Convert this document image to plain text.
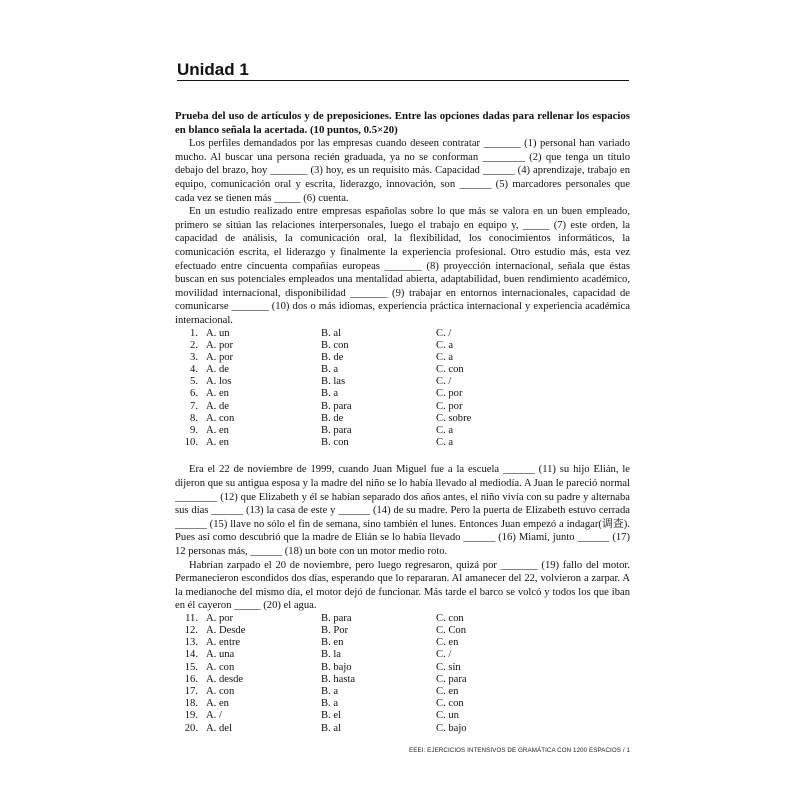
Unidad 1
Prueba del uso de artículos y de preposiciones. Entre las opciones dadas para rellenar los espacios en blanco señala la acertada. (10 puntos, 0.5×20)
Los perfiles demandados por las empresas cuando deseen contratar _______ (1) personal han variado mucho. Al buscar una persona recién graduada, ya no se conforman ________ (2) que tenga un título debajo del brazo, hoy _______ (3) hoy, es un requisito más. Capacidad ______ (4) aprendizaje, trabajo en equipo, comunicación oral y escrita, liderazgo, innovación, son ______ (5) marcadores personales que cada vez se tienen más _____ (6) cuenta.
En un estudio realizado entre empresas españolas sobre lo que más se valora en un buen empleado, primero se sitúan las relaciones interpersonales, luego el trabajo en equipo y, _____ (7) este orden, la capacidad de análisis, la comunicación oral, la flexibilidad, los conocimientos informáticos, la comunicación escrita, el liderazgo y finalmente la experiencia profesional. Otro estudio más, esta vez efectuado entre cincuenta compañías europeas _______ (8) proyección internacional, señala que éstas buscan en sus potenciales empleados una mentalidad abierta, adaptabilidad, buen rendimiento académico, movilidad internacional, disponibilidad _______ (9) trabajar en entornos internacionales, capacidad de comunicarse _______ (10) dos o más idiomas, experiencia práctica internacional y experiencia académica internacional.
1. A. un	B. al	C. /
2. A. por	B. con	C. a
3. A. por	B. de	C. a
4. A. de	B. a	C. con
5. A. los	B. las	C. /
6. A. en	B. a	C. por
7. A. de	B. para	C. por
8. A. con	B. de	C. sobre
9. A. en	B. para	C. a
10. A. en	B. con	C. a
Era el 22 de noviembre de 1999, cuando Juan Miguel fue a la escuela ______ (11) su hijo Elián, le dijeron que su antigua esposa y la madre del niño se lo había llevado al mediodía. A Juan le pareció normal ________ (12) que Elizabeth y él se habían separado dos años antes, el niño vivía con su padre y alternaba sus días ______ (13) la casa de este y ______ (14) de su madre. Pero la puerta de Elizabeth estuvo cerrada ______ (15) llave no sólo el fin de semana, sino también el lunes. Entonces Juan empezó a indagar(调查). Pues así como descubrió que la madre de Elián se lo había llevado ______ (16) Miami, junto ______ (17) 12 personas más, ______ (18) un bote con un motor medio roto.
Habrían zarpado el 20 de noviembre, pero luego regresaron, quizá por _______ (19) fallo del motor. Permanecieron escondidos dos días, esperando que lo repararan. Al amanecer del 22, volvieron a zarpar. A la medianoche del mismo día, el motor dejó de funcionar. Más tarde el barco se volcó y todos los que iban en él cayeron _____ (20) el agua.
11. A. por	B. para	C. con
12. A. Desde	B. Por	C. Con
13. A. entre	B. en	C. en
14. A. una	B. la	C. /
15. A. con	B. bajo	C. sin
16. A. desde	B. hasta	C. para
17. A. con	B. a	C. en
18. A. en	B. a	C. con
19. A. /	B. el	C. un
20. A. del	B. al	C. bajo
EEEI: EJERCICIOS INTENSIVOS DE GRAMÁTICA CON 1200 ESPACIOS / 1
